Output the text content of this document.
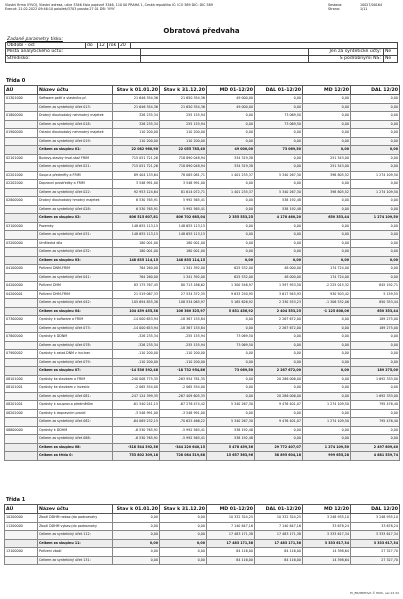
Vlastní firma VYVOJ, Vlastní adresa, ulice 3346 čislo popisné 3346, 110 00 PRAHA 1, Česká republika IČ: ICO 589 DIČ: DIC 589
Execut: 21.02.2022 09:46:10 položek/3703 pocsto:27 01 DB: 'VYV'
Sestava:	10027/00164
Strana:	1/11
Obratová předvaha
Zadané parametry tisku:
Období - od:	do	12 rok 20
Místa analytického účtu:	Jen za syntetické účty: Ne
Středisko:	S podrobnými NS: Ne
Třída 0
AÚ	Název účtu	Stav k 01.01.20	Stav k 31.12.20	MD 01-12/20	DAL 01-12/20	MD 12/20	DAL 12/20
01301000	Software patří a vlastního př.	21 646 354,36	21 650 354,36	49 000,00	0,00	0,00	0,00
	Celkem za syntetický účet 013:	21 646 354,36	21 650 354,36	49 000,00	0,00	0,00	0,00
01800000	Drobný dlouhodobý nehmotný majetek	326 235,34	255 155,94	0,00	73 069,50	0,00	0,00
	Celkem za syntetický účet 018:	326 235,34	255 155,94	0,00	73 069,50	0,00	0,00
01900000	Ostatní dlouhodobý nehmotný majetek	110 200,00	110 200,00	0,00	0,00	0,00	0,00
	Celkem za syntetický účet 019:	110 200,00	110 200,00	0,00	0,00	0,00	0,00
	Celkem za skupinu 01:	22 082 960,90	22 055 785,40	49 000,00	73 069,50	0,00	0,00
02101000	Budovy-stavby trval.staž FRIM	715 051 721,26	718 890 048,94	334 319,38	0,00	251 543,00	0,00
	Celkem za syntetický účet 021:	715 051 721,26	718 890 048,94	334 319,38	0,00	251 543,00	0,00
02201000	Soupr.a předměty a FRIM	89 404 133,64	78 065 081,71	1 401 235,37	5 340 267,30	398 805,52	1 274 109,50
02202000	Dopravní prostředky a FRIM	3 548 991,00	3 548 991,00	0,00	0,00	0,00	0,00
	Celkem za syntetický účet 022:	92 953 124,64	81 614 072,71	1 401 235,37	5 340 267,30	398 805,52	1 274 109,50
02800000	Drobný dlouhodobý hmotný majetek	6 530 765,91	5 992 565,41	0,00	538 192,48	0,00	0,00
	Celkem za syntetický účet 028:	6 530 765,91	5 992 565,41	0,00	538 192,48	0,00	0,00
	Celkem za skupinu 02:	806 515 607,81	806 702 685,04	2 355 553,25	4 178 460,20	650 353,44	1 274 109,50
03100000	Pozemky	148 655 113,15	148 655 113,15	0,00	0,00	0,00	0,00
	Celkem za syntetický účet 031:	148 655 113,15	148 655 113,15	0,00	0,00	0,00	0,00
03200000	Umělecká díla	180 001,00	180 001,00	0,00	0,00	0,00	0,00
	Celkem za syntetický účet 032:	180 001,00	180 001,00	0,00	0,00	0,00	0,00
	Celkem za skupinu 03:	148 835 114,15	148 835 114,15	0,00	0,00	0,00	0,00
04100000	Pořízení DNM-FRIM	764 260,00	1 341 392,00	625 532,00	48 000,00	174 724,00	0,00
	Celkem za syntetický účet 041:	764 260,00	1 341 392,00	625 532,00	48 000,00	174 724,00	0,00
04200000	Pořízení DHM	83 175 767,45	80 713 186,62	1 300 546,97	1 597 953,50	-2 225 015,32	845 192,71
04200001	Pořízení DHM-FRIM	21 519 067,33	27 534 372,35	9 633 250,95	3 617 945,93	930 503,42	5 159,55
	Celkem za syntetický účet 042:	105 694 855,38	108 534 065,97	5 165 626,92	2 330 553,23	-1 306 532,06	850 353,44
	Celkem za skupinu 04:	104 459 455,38	106 360 325,97	5 831 456,92	2 404 553,25	-1 125 808,06	650 353,44
07300000	Oprávky k software a FRIM	-14 000 653,94	-18 367 155,84	0,00	2 267 672,00	0,00	189 275,00
	Celkem za syntetický účet 073:	-14 000 653,94	-18 367 155,84	0,00	2 267 672,00	0,00	189 275,00
07800000	Oprávky k DDNM	-326 235,34	-255 155,94	73 069,50	0,00	0,00	0,00
	Celkem za syntetický účet 078:	-326 235,34	-255 155,94	73 069,50	0,00	0,00	0,00
07900002	Oprávky k ostat.DNM z inv.tran	-110 200,00	-110 200,00	0,00	0,00	0,00	0,00
	Celkem za syntetický účet 079:	-110 200,00	-110 200,00	0,00	0,00	0,00	0,00
	Celkem za skupinu 07:	-14 536 392,48	-18 732 954,86	73 069,50	2 267 672,00	0,00	189 275,00
08101000	Oprávky ke stavbám a FRIM	-240 008 775,35	-263 954 781,35	0,00	20 286 006,00	0,00	1 692 333,00
08101001	Oprávky ke stavbám z investic	-2 065 554,00	-2 065 554,00	0,00	0,00	0,00	0,00
	Celkem za syntetický účet 081:	-247 124 399,35	-267 409 605,35	0,00	20 286 006,00	0,00	1 692 333,00
08201001	Oprávky k souprav.a předmětům	-61 540 241,15	-67 276 474,42	5 340 267,30	9 476 401,07	1 274 109,50	795 476,40
08202000	Oprávky k dopravním prostř.	-3 548 991,00	-3 548 991,00	0,00	0,00	0,00	0,00
	Celkem za syntetický účet 082:	-64 089 232,15	-70 625 466,22	5 340 267,30	9 476 401,07	1 274 109,50	795 476,40
08800000	Oprávky k DDHM	-6 530 765,91	-5 992 565,41	538 192,48	0,00	0,00	0,00
	Celkem za syntetický účet 088:	-6 530 765,91	-5 992 565,41	538 192,48	0,00	0,00	0,00
	Celkem za skupinu 08:	-318 544 392,36	-344 220 640,15	5 478 459,36	29 772 407,07	1 274 109,50	2 497 809,40
	Celkem za třídu 0:	753 802 309,18	728 084 519,88	15 657 563,96	38 895 604,18	999 655,28	4 881 539,74
Třída 1
AÚ	Název účtu	Stav k 01.01.20	Stav k 31.12.20	MD 01-12/20	DAL 01-12/20	MD 12/20	DAL 12/20
10200000	Zboží DDHM nebaz.(do podrozvahy	0,00	0,00	10 332 324,25	10 332 324,25	3 248 935,10	3 248 935,10
11200000	Zboží DDHM vybav.(do podrozvahy	0,00	0,00	7 140 847,16	7 140 847,16	33 678,24	33 678,24
	Celkem za syntetický účet 112:	0,00	0,00	17 483 171,38	17 483 171,38	3 333 617,34	3 333 617,34
	Celkem za skupinu 11:	0,00	0,00	17 483 171,38	17 483 171,38	3 333 617,34	3 333 617,34
13100000	Pořízení zboží	0,00	0,00	84 116,00	84 116,00	14 398,64	27 327,70
	Celkem za syntetický účet 131:	0,00	0,00	84 116,00	84 116,00	14 398,64	27 327,70
EI_ER/PREDVA © EKIS, ver.13.32
